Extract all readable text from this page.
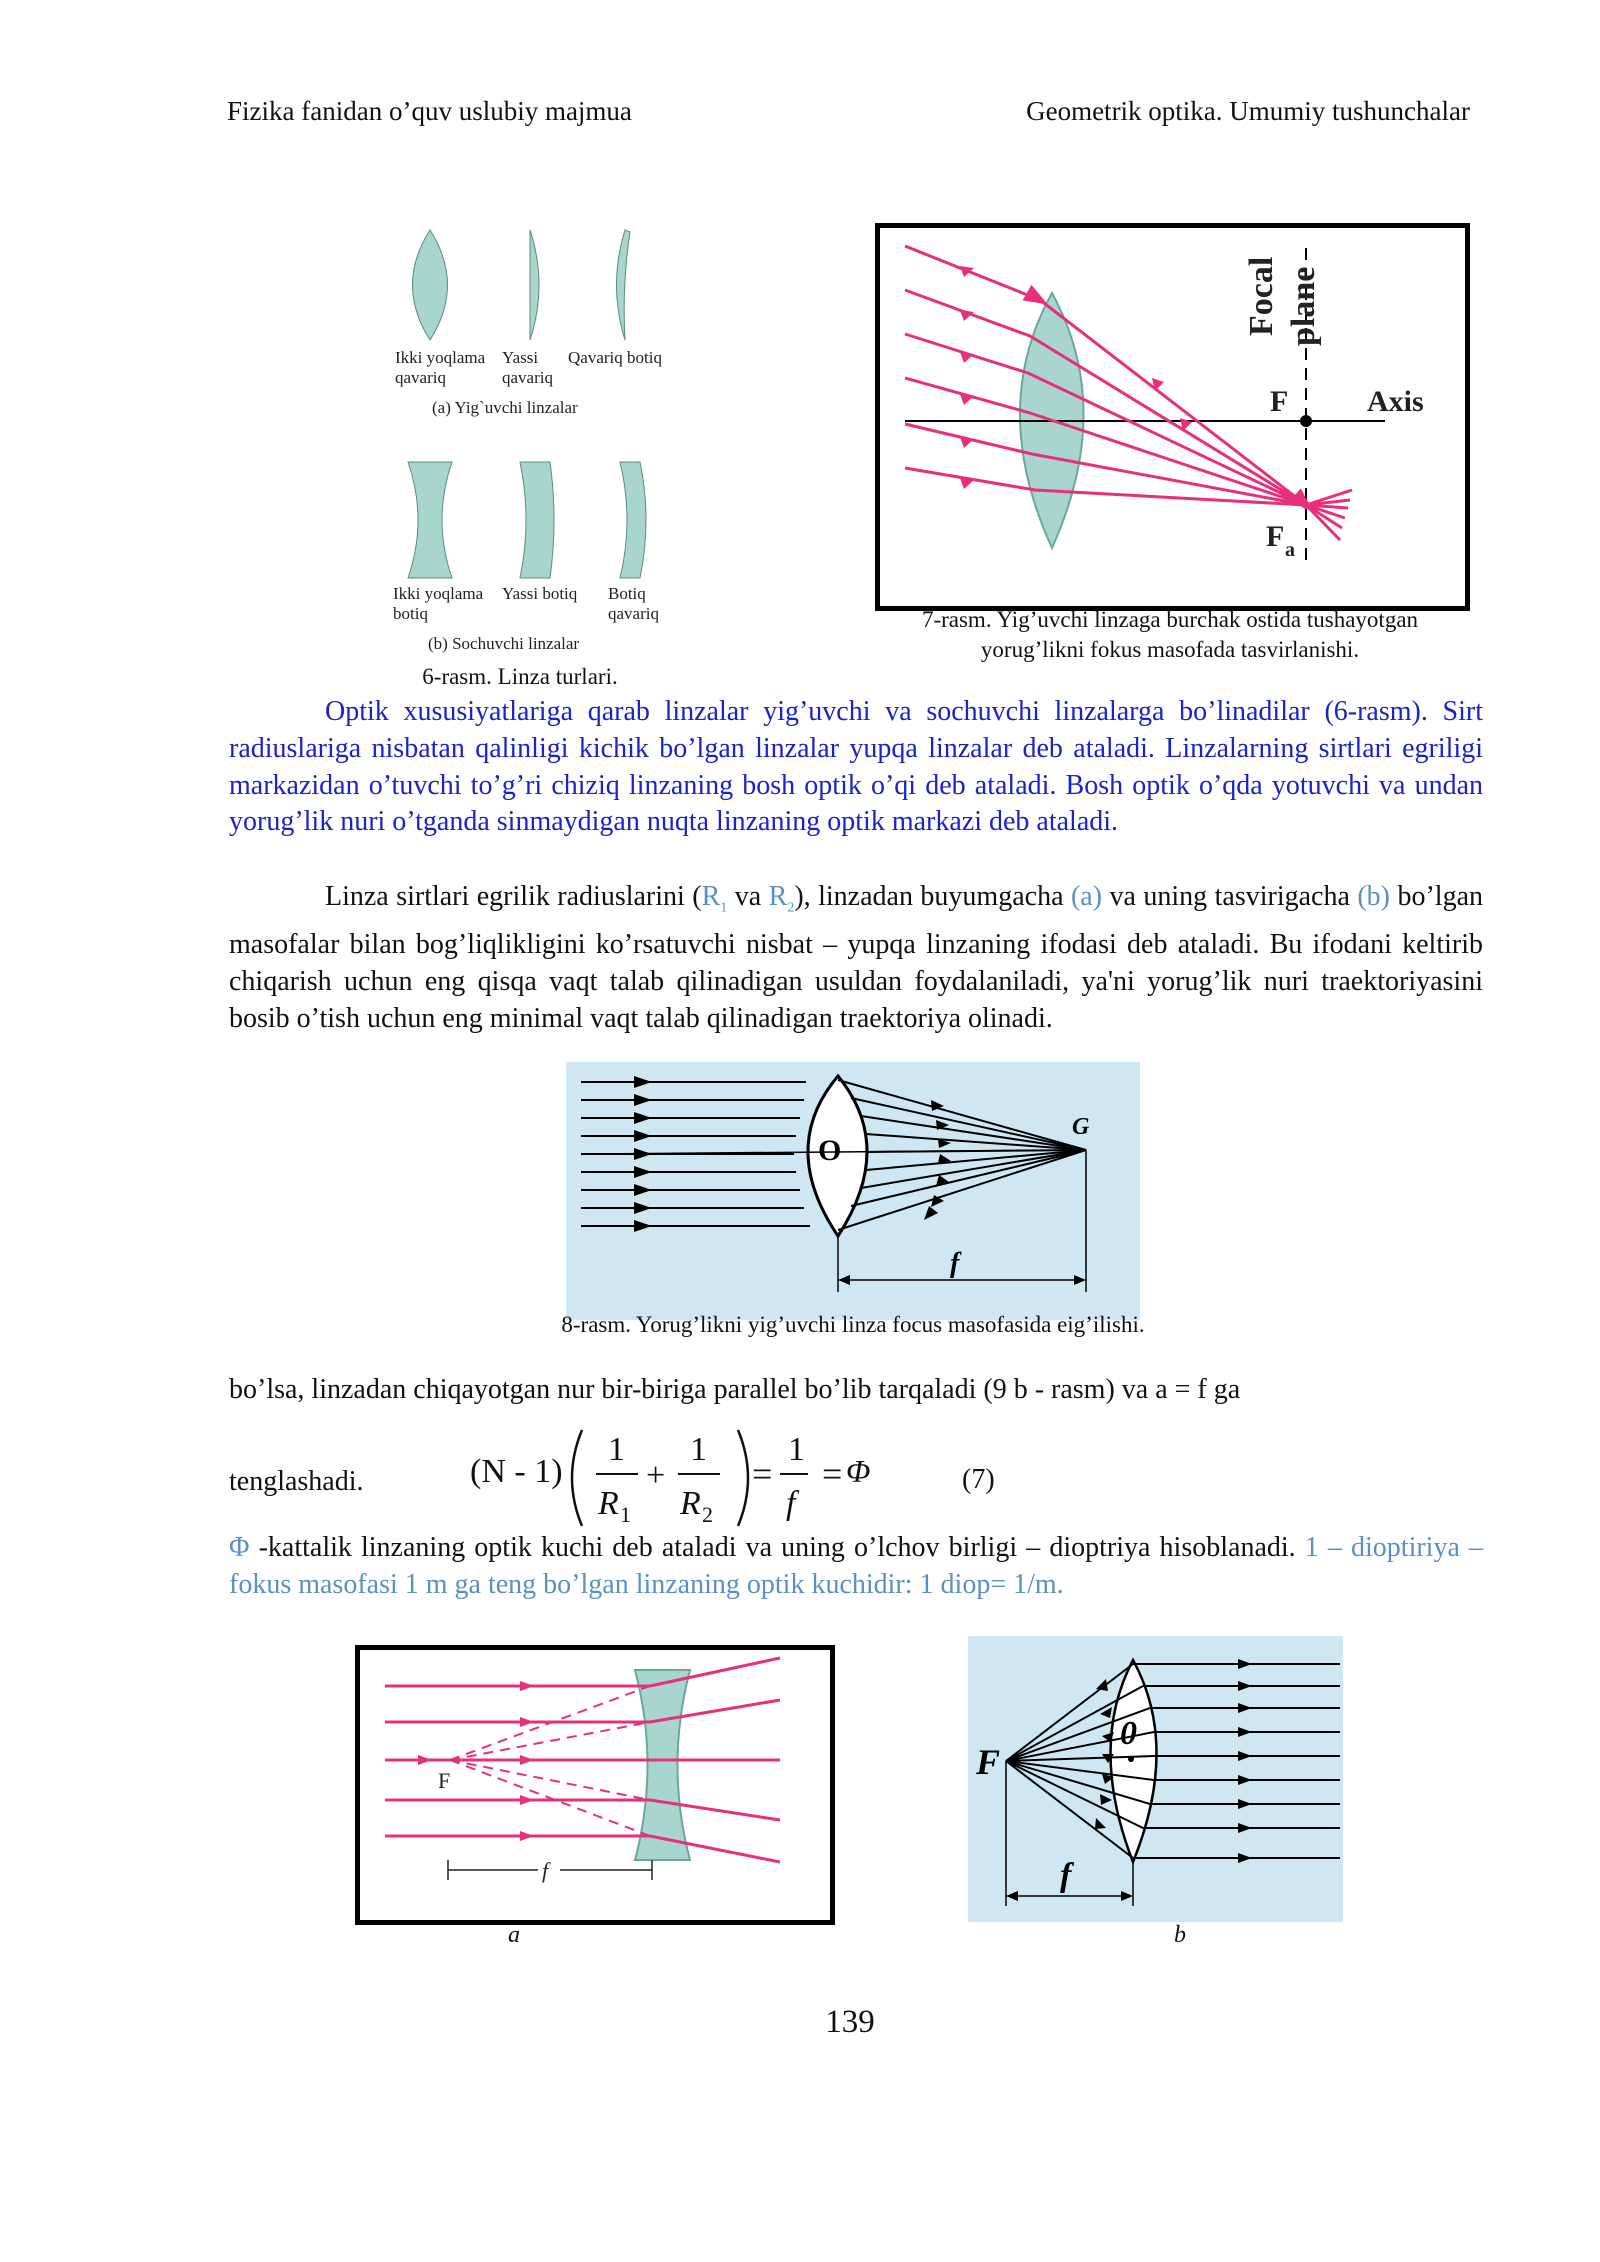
Fizika fanidan o’quv uslubiy majmua	Geometrik optika. Umumiy tushunchalar
Ikki yoqlama
qavariq
Yassi
qavariq
Qavariq botiq
(a) Yig`uvchi linzalar
Ikki yoqlama
botiq
Yassi botiq Botiq
qavariq
(b) Sochuvchi linzalar
6-rasm. Linza turlari.
Focal plane
F	Axis
F a
7-rasm. Yig’uvchi linzaga burchak ostida tushayotgan
yorug’likni fokus masofada tasvirlanishi.
Optik xususiyatlariga qarab linzalar yig’uvchi va sochuvchi linzalarga bo’linadilar (6-rasm). Sirt radiuslariga nisbatan qalinligi kichik bo’lgan linzalar yupqa linzalar deb ataladi. Linzalarning sirtlari egriligi markazidan o’tuvchi to’g’ri chiziq linzaning bosh optik o’qi deb ataladi. Bosh optik o’qda yotuvchi va undan yorug’lik nuri o’tganda sinmaydigan nuqta linzaning optik markazi deb ataladi.
Linza sirtlari egrilik radiuslarini ($R_1$ va $R_2$), linzadan buyumgacha (a) va uning tasvirigacha (b) bo’lgan masofalar bilan bog’liqlikligini ko’rsatuvchi nisbat – yupqa linzaning ifodasi deb ataladi. Bu ifodani keltirib chiqarish uchun eng qisqa vaqt talab qilinadigan usuldan foydalaniladi, ya'ni yorug’lik nuri traektoriyasini bosib o’tish uchun eng minimal vaqt talab qilinadigan traektoriya olinadi.
O
G
f
8-rasm. Yorug’likni yig’uvchi linza focus masofasida eig’ilishi.
bo’lsa, linzadan chiqayotgan nur bir-biriga parallel bo’lib tarqaladi (9 b - rasm) va a = f ga
tenglashadi.	(N - 1)
1
R 1
+
1
R 2
=
1
f
= Φ	(7)
Φ -kattalik linzaning optik kuchi deb ataladi va uning o’lchov birligi – dioptriya hisoblanadi. 1 – dioptiriya – fokus masofasi 1 m ga teng bo’lgan linzaning optik kuchidir: 1 diop= 1/m.
F
f
a
F
0
f
b
139
